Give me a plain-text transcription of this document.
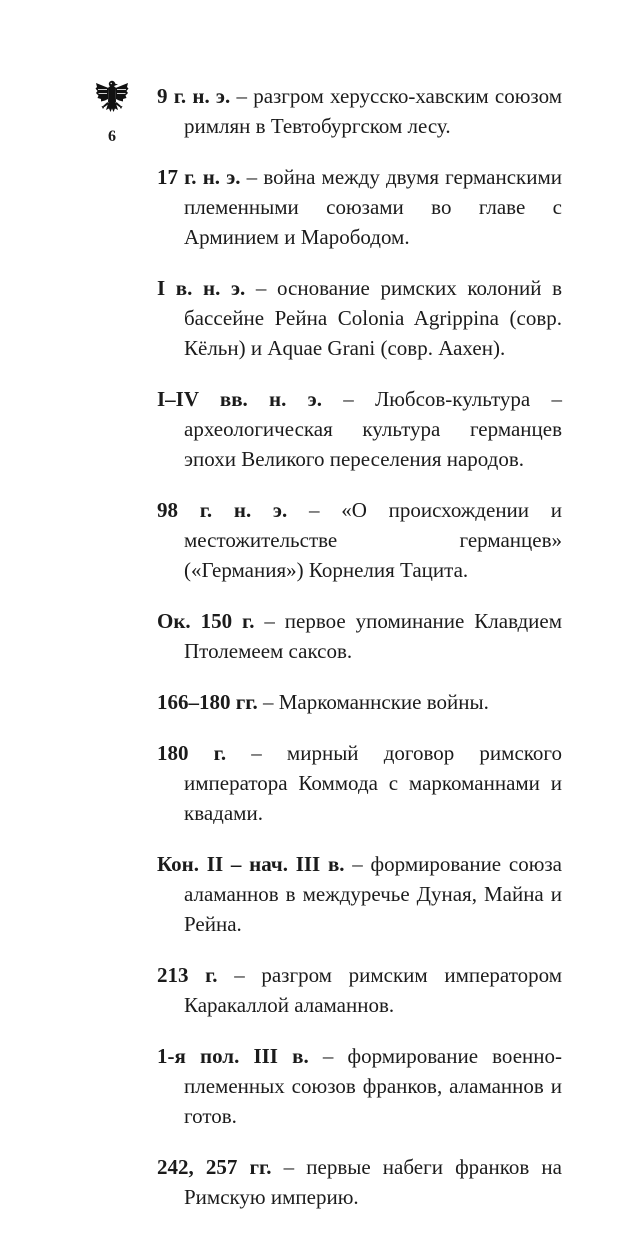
6

9 г. н. э. – разгром херусско-хавским союзом римлян в Тевтобургском лесу.

17 г. н. э. – война между двумя германскими племенными союзами во главе с Арминием и Марободом.

I в. н. э. – основание римских колоний в бассейне Рейна Colonia Agrippina (совр. Кёльн) и Aquae Grani (совр. Аахен).

I–IV вв. н. э. – Любсов-культура – археологическая культура германцев эпохи Великого переселения народов.

98 г. н. э. – «О происхождении и местожительстве германцев» («Германия») Корнелия Тацита.

Ок. 150 г. – первое упоминание Клавдием Птолемеем саксов.

166–180 гг. – Маркоманнские войны.

180 г. – мирный договор римского императора Коммода с маркоманнами и квадами.

Кон. II – нач. III в. – формирование союза аламаннов в междуречье Дуная, Майна и Рейна.

213 г. – разгром римским императором Каракаллой аламаннов.

1-я пол. III в. – формирование военно-племенных союзов франков, аламаннов и готов.

242, 257 гг. – первые набеги франков на Римскую империю.
